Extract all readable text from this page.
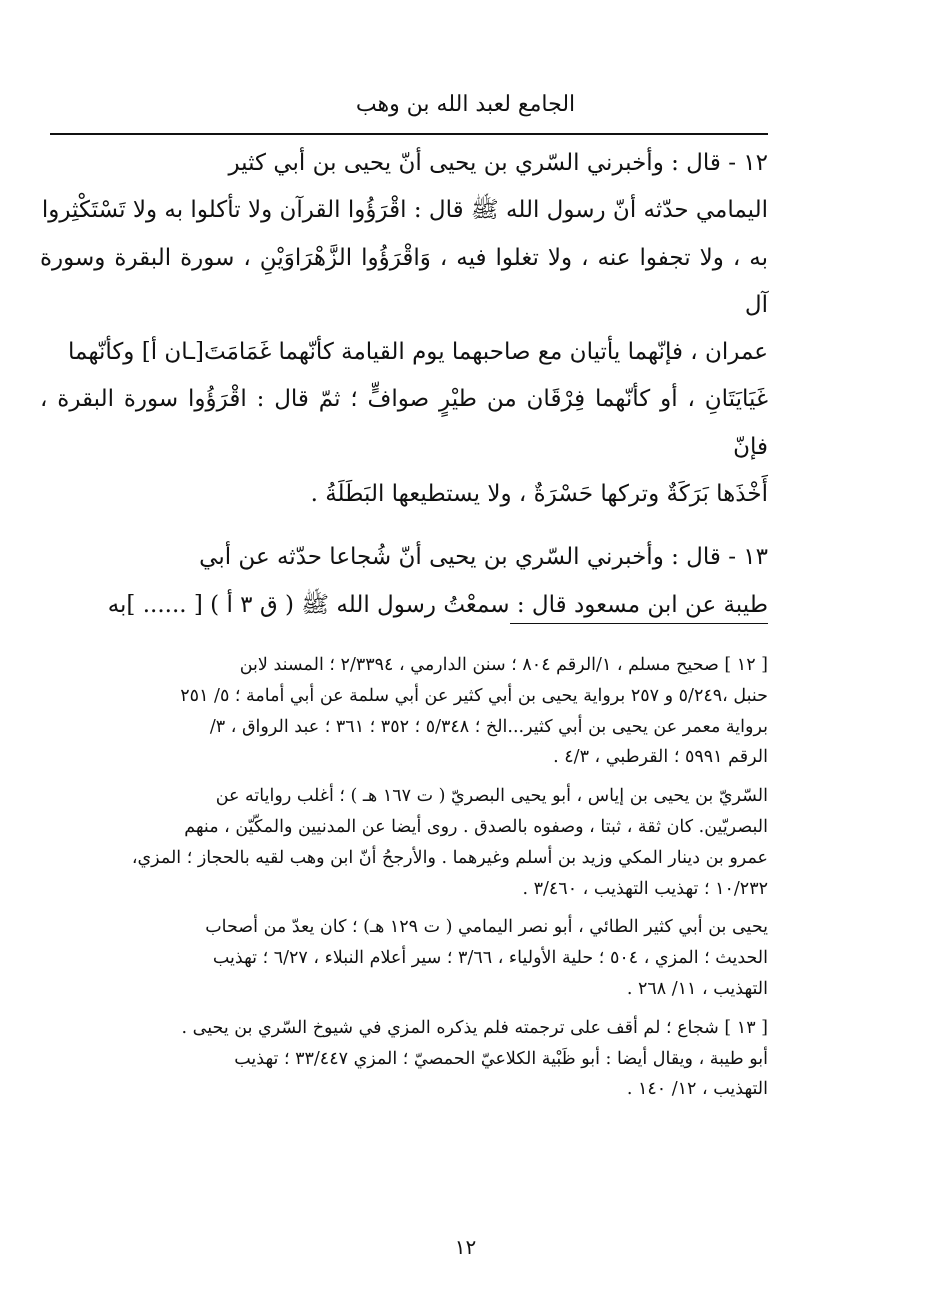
الجامع لعبد الله بن وهب

١٢ - قال : وأخبرني السّري بن يحيى أنّ يحيى بن أبي كثير

اليمامي حدّثه أنّ رسول الله ﷺ قال : اقْرَؤُوا القرآن ولا تأكلوا به ولا تَسْتَكْثِروا

به ، ولا تجفوا عنه ، ولا تغلوا فيه ، وَاقْرَؤُوا الزَّهْرَاوَيْنِ ، سورة البقرة وسورة آل

عمران ، فإنّهما يأتيان مع صاحبهما يوم القيامة كأنّهما غَمَامَتَ[ـان أ] وكأنّهما

غَيَايَتَانِ ، أو كأنّهما فِرْقَان من طيْرٍ صوافٍّ ؛ ثمّ قال : اقْرَؤُوا سورة البقرة ، فإنّ

أَخْذَها بَرَكَةٌ وتركها حَسْرَةٌ ، ولا يستطيعها البَطَلَةُ .

١٣ - قال : وأخبرني السّري بن يحيى أنّ شُجاعا حدّثه عن أبي

طيبة عن ابن مسعود قال : سمعْتُ رسول الله ﷺ ( ق ٣ أ ) [ ...... ]به

[ ١٢ ] صحيح مسلم ، ١/الرقم ٨٠٤ ؛ سنن الدارمي ، ٢/٣٣٩٤ ؛ المسند لابن

حنبل ،٥/٢٤٩ و ٢٥٧ برواية يحيى بن أبي كثير عن أبي سلمة عن أبي أمامة ؛ ٥/ ٢٥١

برواية معمر عن يحيى بن أبي كثير...الخ ؛ ٥/٣٤٨ ؛ ٣٥٢ ؛ ٣٦١ ؛ عبد الرواق ، ٣/

الرقم ٥٩٩١ ؛ القرطبي ، ٤/٣ .

السّريّ بن يحيى بن إياس ، أبو يحيى البصريّ ( ت ١٦٧ هـ ) ؛ أغلب رواياته عن

البصريّين. كان ثقة ، ثبتا ، وصفوه بالصدق . روى أيضا عن المدنيين والمكّيّن ، منهم

عمرو بن دينار المكي وزيد بن أسلم وغيرهما . والأرجحُ أنّ ابن وهب لقيه بالحجاز ؛ المزي،

١٠/٢٣٢ ؛ تهذيب التهذيب ، ٣/٤٦٠ .

يحيى بن أبي كثير الطائي ، أبو نصر اليمامي ( ت ١٢٩ هـ) ؛ كان يعدّ من أصحاب

الحديث ؛ المزي ، ٥٠٤ ؛ حلية الأولياء ، ٣/٦٦ ؛ سير أعلام النبلاء ، ٦/٢٧ ؛ تهذيب

التهذيب ، ١١/ ٢٦٨ .

[ ١٣ ] شجاع ؛ لم أقف على ترجمته فلم يذكره المزي في شيوخ السّري بن يحيى .

أبو طيبة ، ويقال أيضا : أبو ظَبْية الكلاعيّ الحمصيّ ؛ المزي ٣٣/٤٤٧ ؛ تهذيب

التهذيب ، ١٢/ ١٤٠ .

١٢
